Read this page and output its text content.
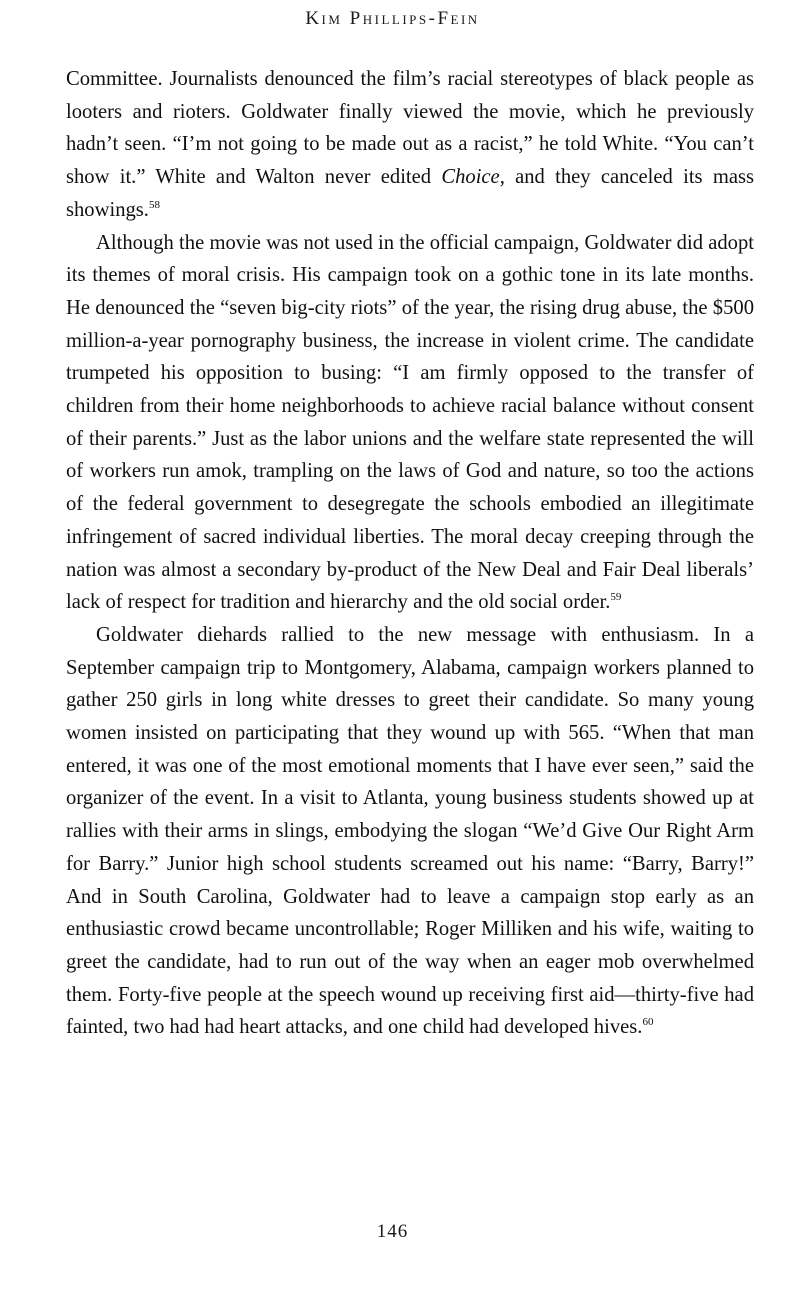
Kim Phillips-Fein

Committee. Journalists denounced the film’s racial stereotypes of black people as looters and rioters. Goldwater finally viewed the movie, which he previously hadn’t seen. “I’m not going to be made out as a racist,” he told White. “You can’t show it.” White and Walton never edited Choice, and they canceled its mass showings.$^{58}$

Although the movie was not used in the official campaign, Goldwater did adopt its themes of moral crisis. His campaign took on a gothic tone in its late months. He denounced the “seven big-city riots” of the year, the rising drug abuse, the $500 million-a-year pornography business, the increase in violent crime. The candidate trumpeted his opposition to busing: “I am firmly opposed to the transfer of children from their home neighborhoods to achieve racial balance without consent of their parents.” Just as the labor unions and the welfare state represented the will of workers run amok, trampling on the laws of God and nature, so too the actions of the federal government to desegregate the schools embodied an illegitimate infringement of sacred individual liberties. The moral decay creeping through the nation was almost a secondary by-product of the New Deal and Fair Deal liberals’ lack of respect for tradition and hierarchy and the old social order.$^{59}$

Goldwater diehards rallied to the new message with enthusiasm. In a September campaign trip to Montgomery, Alabama, campaign workers planned to gather 250 girls in long white dresses to greet their candidate. So many young women insisted on participating that they wound up with 565. “When that man entered, it was one of the most emotional moments that I have ever seen,” said the organizer of the event. In a visit to Atlanta, young business students showed up at rallies with their arms in slings, embodying the slogan “We’d Give Our Right Arm for Barry.” Junior high school students screamed out his name: “Barry, Barry!” And in South Carolina, Goldwater had to leave a campaign stop early as an enthusiastic crowd became uncontrollable; Roger Milliken and his wife, waiting to greet the candidate, had to run out of the way when an eager mob overwhelmed them. Forty-five people at the speech wound up receiving first aid—thirty-five had fainted, two had had heart attacks, and one child had developed hives.$^{60}$

146
